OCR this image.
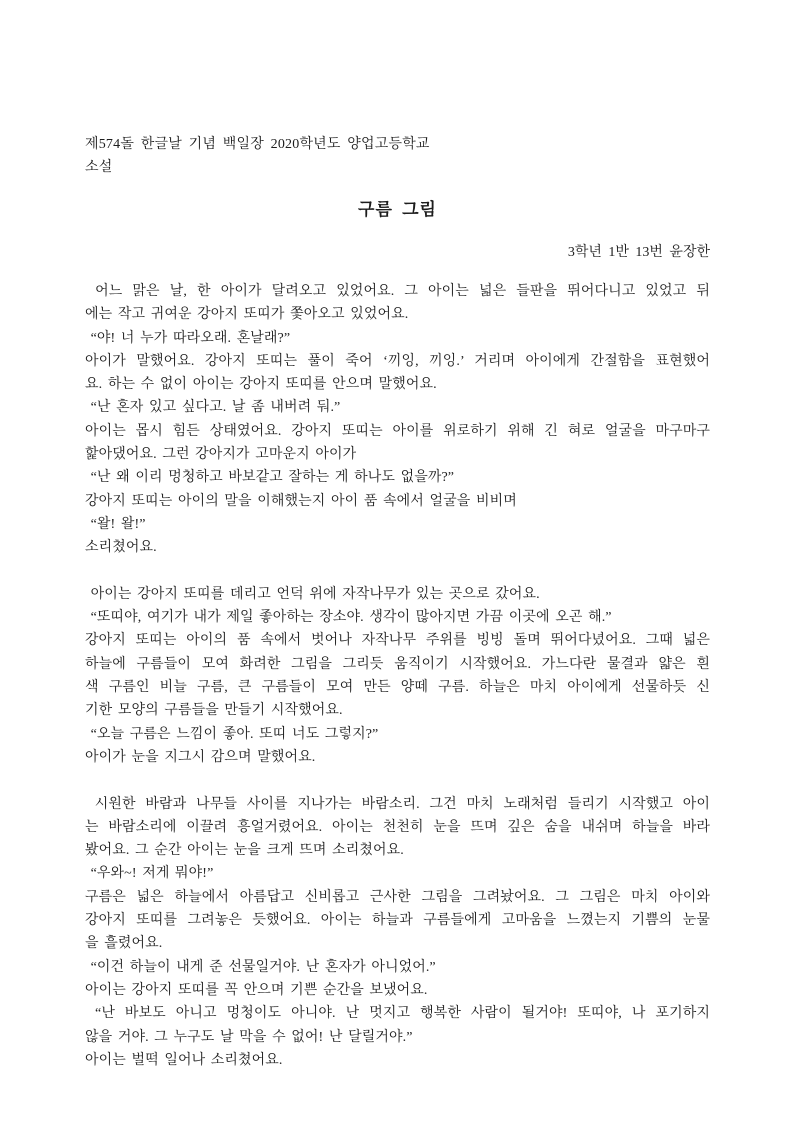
제574돌 한글날 기념 백일장 2020학년도 양업고등학교
소설
구름 그림
3학년 1반 13번 윤장한
어느 맑은 날, 한 아이가 달려오고 있었어요. 그 아이는 넓은 들판을 뛰어다니고 있었고 뒤
에는 작고 귀여운 강아지 또띠가 쫓아오고 있었어요.
“야! 너 누가 따라오래. 혼날래?”
아이가 말했어요. 강아지 또띠는 풀이 죽어 ‘끼잉, 끼잉.’ 거리며 아이에게 간절함을 표현했어
요. 하는 수 없이 아이는 강아지 또띠를 안으며 말했어요.
“난 혼자 있고 싶다고. 날 좀 내버려 둬.”
아이는 몹시 힘든 상태였어요. 강아지 또띠는 아이를 위로하기 위해 긴 혀로 얼굴을 마구마구
핥아댔어요. 그런 강아지가 고마운지 아이가
“난 왜 이리 멍청하고 바보같고 잘하는 게 하나도 없을까?”
강아지 또띠는 아이의 말을 이해했는지 아이 품 속에서 얼굴을 비비며
“왈! 왈!”
소리쳤어요.
아이는 강아지 또띠를 데리고 언덕 위에 자작나무가 있는 곳으로 갔어요.
“또띠야, 여기가 내가 제일 좋아하는 장소야. 생각이 많아지면 가끔 이곳에 오곤 해.”
강아지 또띠는 아이의 품 속에서 벗어나 자작나무 주위를 빙빙 돌며 뛰어다녔어요. 그때 넓은
하늘에 구름들이 모여 화려한 그림을 그리듯 움직이기 시작했어요. 가느다란 물결과 얇은 흰
색 구름인 비늘 구름, 큰 구름들이 모여 만든 양떼 구름. 하늘은 마치 아이에게 선물하듯 신
기한 모양의 구름들을 만들기 시작했어요.
“오늘 구름은 느낌이 좋아. 또띠 너도 그렇지?”
아이가 눈을 지그시 감으며 말했어요.
시원한 바람과 나무들 사이를 지나가는 바람소리. 그건 마치 노래처럼 들리기 시작했고 아이
는 바람소리에 이끌려 흥얼거렸어요. 아이는 천천히 눈을 뜨며 깊은 숨을 내쉬며 하늘을 바라
봤어요. 그 순간 아이는 눈을 크게 뜨며 소리쳤어요.
“우와~! 저게 뭐야!”
구름은 넓은 하늘에서 아름답고 신비롭고 근사한 그림을 그려놨어요. 그 그림은 마치 아이와
강아지 또띠를 그려놓은 듯했어요. 아이는 하늘과 구름들에게 고마움을 느꼈는지 기쁨의 눈물
을 흘렸어요.
“이건 하늘이 내게 준 선물일거야. 난 혼자가 아니었어.”
아이는 강아지 또띠를 꼭 안으며 기쁜 순간을 보냈어요.
“난 바보도 아니고 멍청이도 아니야. 난 멋지고 행복한 사람이 될거야! 또띠야, 나 포기하지
않을 거야. 그 누구도 날 막을 수 없어! 난 달릴거야.”
아이는 벌떡 일어나 소리쳤어요.
